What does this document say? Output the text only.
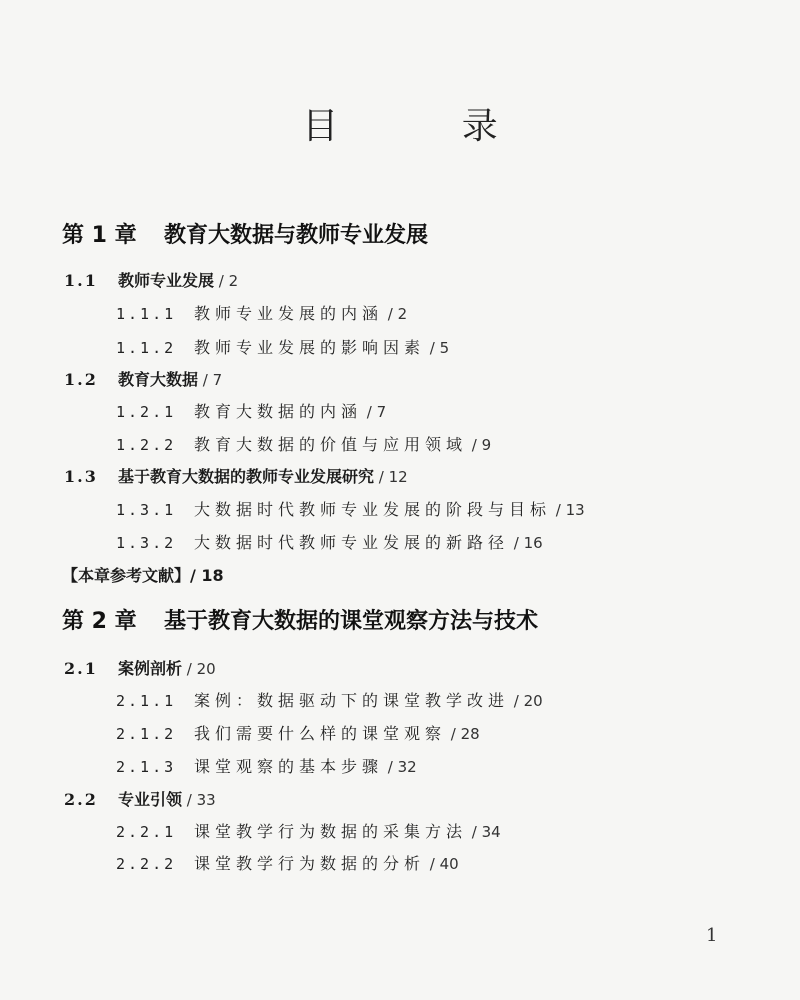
目 录
第 1 章 教育大数据与教师专业发展
1.1 教师专业发展 / 2
1.1.1 教师专业发展的内涵 / 2
1.1.2 教师专业发展的影响因素 / 5
1.2 教育大数据 / 7
1.2.1 教育大数据的内涵 / 7
1.2.2 教育大数据的价值与应用领域 / 9
1.3 基于教育大数据的教师专业发展研究 / 12
1.3.1 大数据时代教师专业发展的阶段与目标 / 13
1.3.2 大数据时代教师专业发展的新路径 / 16
【本章参考文献】/ 18
第 2 章 基于教育大数据的课堂观察方法与技术
2.1 案例剖析 / 20
2.1.1 案例：数据驱动下的课堂教学改进 / 20
2.1.2 我们需要什么样的课堂观察 / 28
2.1.3 课堂观察的基本步骤 / 32
2.2 专业引领 / 33
2.2.1 课堂教学行为数据的采集方法 / 34
2.2.2 课堂教学行为数据的分析 / 40
1
